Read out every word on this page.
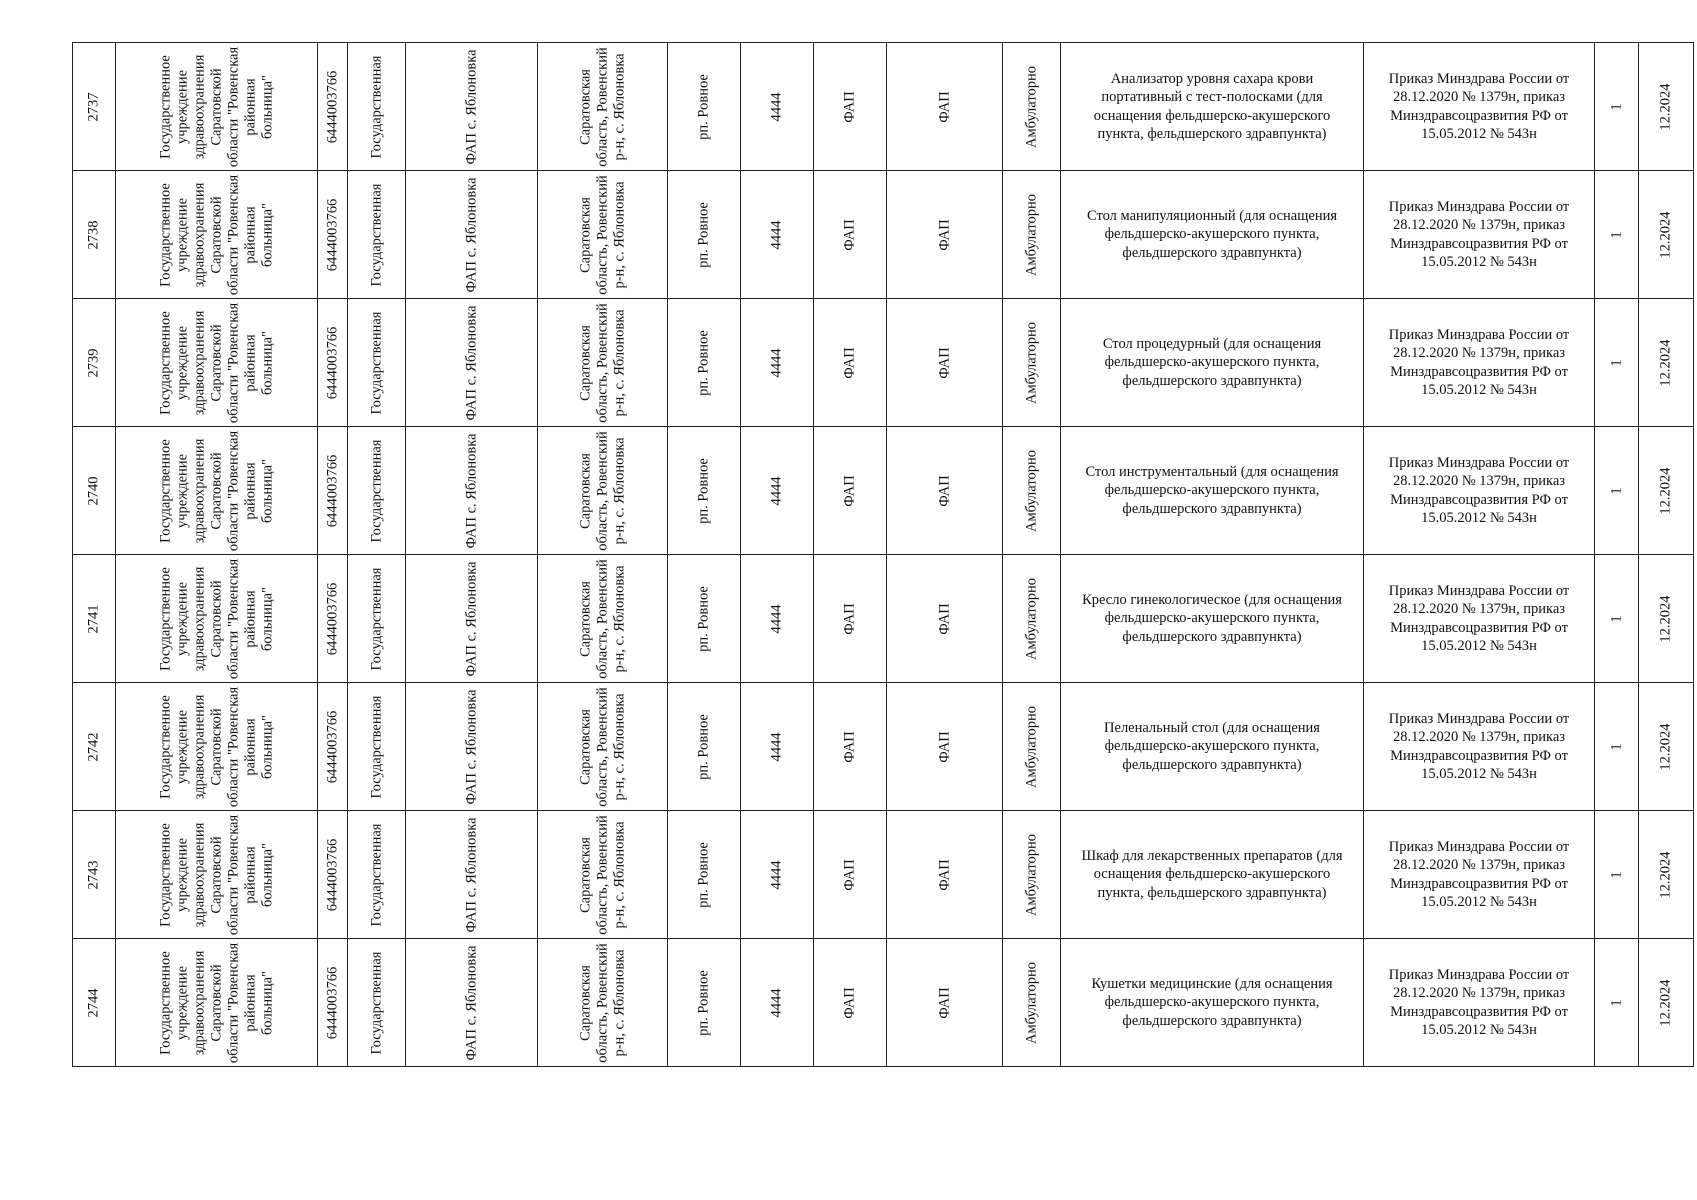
2737	Государственное учреждение здравоохранения Саратовской области "Ровенская районная больница"	6444003766	Государственная	ФАП с. Яблоновка	Саратовская область, Ровенский р-н, с. Яблоновка	рп. Ровное	4444	ФАП	ФАП	Амбулаторно	Анализатор уровня сахара крови портативный с тест-полосками (для оснащения фельдшерско-акушерского пункта, фельдшерского здравпункта)	Приказ Минздрава России от 28.12.2020 № 1379н, приказ Минздравсоцразвития РФ от 15.05.2012 № 543н	1	12.2024

2738	Государственное учреждение здравоохранения Саратовской области "Ровенская районная больница"	6444003766	Государственная	ФАП с. Яблоновка	Саратовская область, Ровенский р-н, с. Яблоновка	рп. Ровное	4444	ФАП	ФАП	Амбулаторно	Стол манипуляционный (для оснащения фельдшерско-акушерского пункта, фельдшерского здравпункта)	Приказ Минздрава России от 28.12.2020 № 1379н, приказ Минздравсоцразвития РФ от 15.05.2012 № 543н	1	12.2024

2739	Государственное учреждение здравоохранения Саратовской области "Ровенская районная больница"	6444003766	Государственная	ФАП с. Яблоновка	Саратовская область, Ровенский р-н, с. Яблоновка	рп. Ровное	4444	ФАП	ФАП	Амбулаторно	Стол процедурный (для оснащения фельдшерско-акушерского пункта, фельдшерского здравпункта)	Приказ Минздрава России от 28.12.2020 № 1379н, приказ Минздравсоцразвития РФ от 15.05.2012 № 543н	1	12.2024

2740	Государственное учреждение здравоохранения Саратовской области "Ровенская районная больница"	6444003766	Государственная	ФАП с. Яблоновка	Саратовская область, Ровенский р-н, с. Яблоновка	рп. Ровное	4444	ФАП	ФАП	Амбулаторно	Стол инструментальный (для оснащения фельдшерско-акушерского пункта, фельдшерского здравпункта)	Приказ Минздрава России от 28.12.2020 № 1379н, приказ Минздравсоцразвития РФ от 15.05.2012 № 543н	1	12.2024

2741	Государственное учреждение здравоохранения Саратовской области "Ровенская районная больница"	6444003766	Государственная	ФАП с. Яблоновка	Саратовская область, Ровенский р-н, с. Яблоновка	рп. Ровное	4444	ФАП	ФАП	Амбулаторно	Кресло гинекологическое (для оснащения фельдшерско-акушерского пункта, фельдшерского здравпункта)	Приказ Минздрава России от 28.12.2020 № 1379н, приказ Минздравсоцразвития РФ от 15.05.2012 № 543н	1	12.2024

2742	Государственное учреждение здравоохранения Саратовской области "Ровенская районная больница"	6444003766	Государственная	ФАП с. Яблоновка	Саратовская область, Ровенский р-н, с. Яблоновка	рп. Ровное	4444	ФАП	ФАП	Амбулаторно	Пеленальный стол (для оснащения фельдшерско-акушерского пункта, фельдшерского здравпункта)	Приказ Минздрава России от 28.12.2020 № 1379н, приказ Минздравсоцразвития РФ от 15.05.2012 № 543н	1	12.2024

2743	Государственное учреждение здравоохранения Саратовской области "Ровенская районная больница"	6444003766	Государственная	ФАП с. Яблоновка	Саратовская область, Ровенский р-н, с. Яблоновка	рп. Ровное	4444	ФАП	ФАП	Амбулаторно	Шкаф для лекарственных препаратов (для оснащения фельдшерско-акушерского пункта, фельдшерского здравпункта)	Приказ Минздрава России от 28.12.2020 № 1379н, приказ Минздравсоцразвития РФ от 15.05.2012 № 543н	1	12.2024

2744	Государственное учреждение здравоохранения Саратовской области "Ровенская районная больница"	6444003766	Государственная	ФАП с. Яблоновка	Саратовская область, Ровенский р-н, с. Яблоновка	рп. Ровное	4444	ФАП	ФАП	Амбулаторно	Кушетки медицинские (для оснащения фельдшерско-акушерского пункта, фельдшерского здравпункта)	Приказ Минздрава России от 28.12.2020 № 1379н, приказ Минздравсоцразвития РФ от 15.05.2012 № 543н	1	12.2024
